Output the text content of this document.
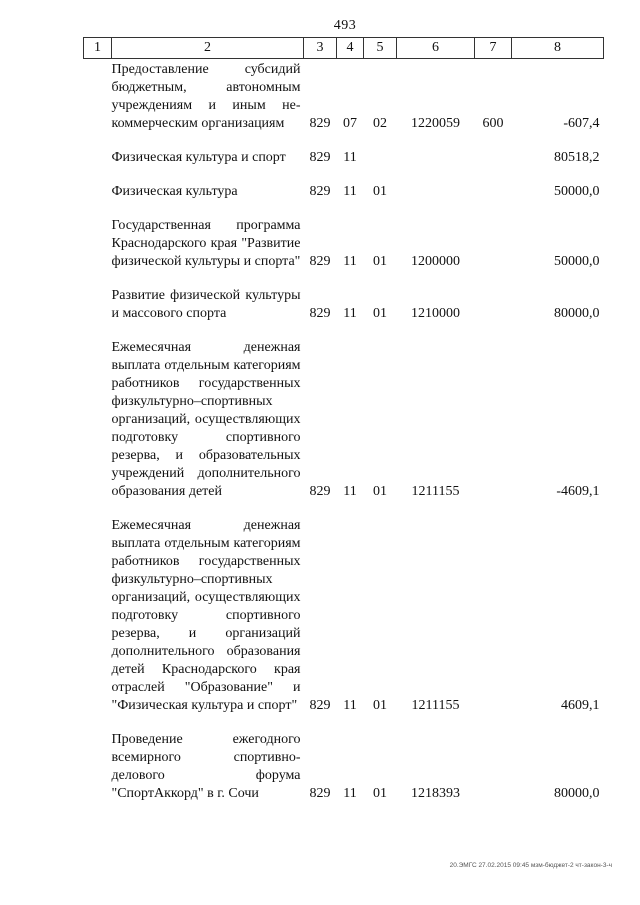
493
1	2	3	4	5	6	7	8
	Предоставление субсидий бюджетным, автономным учреждениям и иным не-коммерческим организациям	829	07	02	1220059	600	-607,4

	Физическая культура и спорт	829	11				80518,2

	Физическая культура	829	11	01			50000,0

	Государственная программа Краснодарского края "Развитие физической культуры и спорта"	829	11	01	1200000		50000,0

	Развитие физической культуры и массового спорта	829	11	01	1210000		80000,0

	Ежемесячная денежная выплата отдельным категориям работников государственных физкультурно–спортивных организаций, осуществляющих подготовку спортивного резерва, и образовательных учреждений дополнительного образования детей	829	11	01	1211155		-4609,1

	Ежемесячная денежная выплата отдельным категориям работников государственных физкультурно–спортивных организаций, осуществляющих подготовку спортивного резерва, и организаций дополнительного образования детей Краснодарского края отраслей "Образование" и "Физическая культура и спорт"	829	11	01	1211155		4609,1

	Проведение ежегодного всемирного спортивно-делового форума "СпортАккорд" в г. Сочи	829	11	01	1218393		80000,0
20.ЭМГС 27.02.2015 09:45 мзм-бюджет-2 чт-закон-3-ч
